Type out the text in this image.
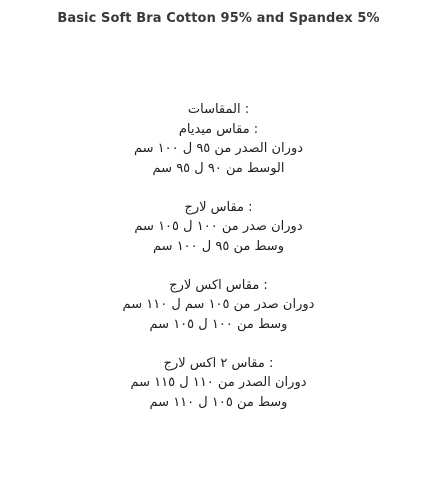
Basic Soft Bra Cotton 95% and Spandex 5%
: المقاسات
: مقاس ميديام
دوران الصدر من ٩٥ ل ١٠٠ سم
الوسط من ٩٠ ل ٩٥ سم
: مقاس لارج
دوران صدر من ١٠٠ ل ١٠٥ سم
وسط من ٩٥ ل ١٠٠ سم
: مقاس اكس لارج
دوران صدر من ١٠٥ سم ل ١١٠ سم
وسط من ١٠٠ ل ١٠٥ سم
: مقاس ٢ اكس لارج
دوران الصدر من ١١٠ ل ١١٥ سم
وسط من ١٠٥ ل ١١٠ سم
